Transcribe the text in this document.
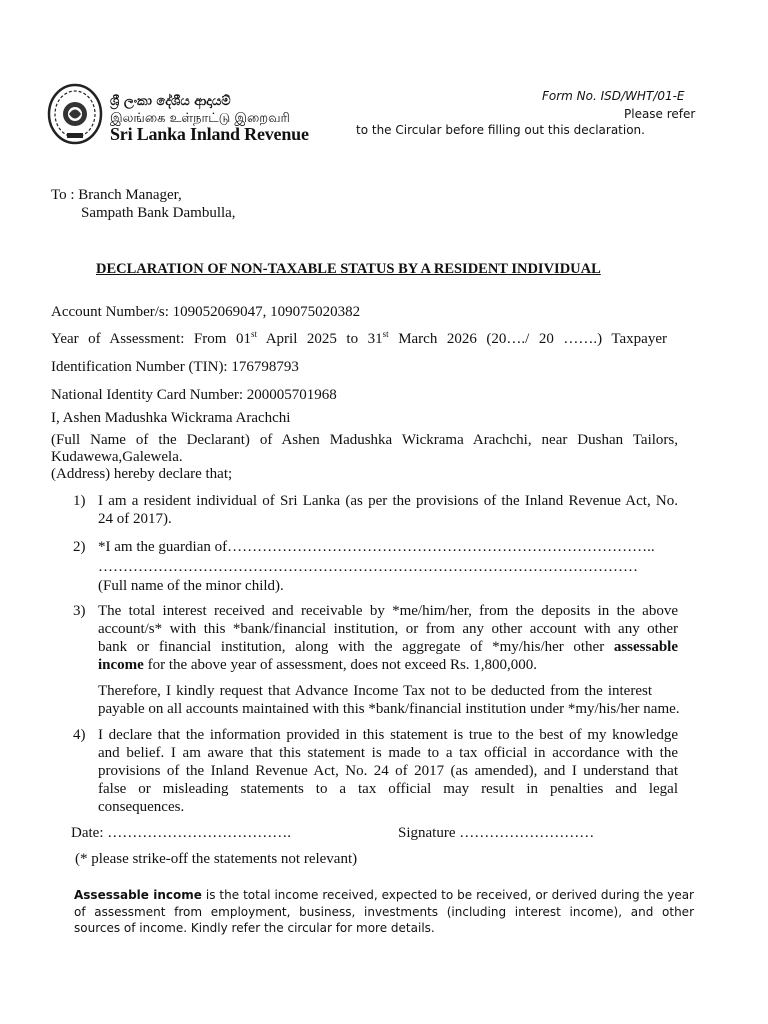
ශ්‍රී ලංකා දේශීය ආදායම්
இலங்கை உள்நாட்டு இறைவரி
Sri Lanka Inland Revenue
Form No. ISD/WHT/01-E
Please refer
to the Circular before filling out this declaration.
To : Branch Manager,
Sampath Bank Dambulla,
DECLARATION OF NON-TAXABLE STATUS BY A RESIDENT INDIVIDUAL
Account Number/s: 109052069047, 109075020382
Year of Assessment: From 01st April 2025 to 31st March 2026 (20…./ 20 …….) Taxpayer
Identification Number (TIN): 176798793
National Identity Card Number: 200005701968
I, Ashen Madushka Wickrama Arachchi
(Full Name of the Declarant) of Ashen Madushka Wickrama Arachchi, near Dushan Tailors,
Kudawewa,Galewela.
(Address) hereby declare that;
1) I am a resident individual of Sri Lanka (as per the provisions of the Inland Revenue Act, No.
24 of 2017).
2) *I am the guardian of…………………………………………………………………………..
………………………………………………………………………………………………
(Full name of the minor child).
3) The total interest received and receivable by *me/him/her, from the deposits in the above
account/s* with this *bank/financial institution, or from any other account with any other
bank or financial institution, along with the aggregate of *my/his/her other assessable
income for the above year of assessment, does not exceed Rs. 1,800,000.
Therefore, I kindly request that Advance Income Tax not to be deducted from the interest
payable on all accounts maintained with this *bank/financial institution under *my/his/her name.
4) I declare that the information provided in this statement is true to the best of my knowledge
and belief. I am aware that this statement is made to a tax official in accordance with the
provisions of the Inland Revenue Act, No. 24 of 2017 (as amended), and I understand that
false or misleading statements to a tax official may result in penalties and legal
consequences.
Date: ……………………………….	Signature ………………………
(* please strike-off the statements not relevant)
Assessable income is the total income received, expected to be received, or derived during the year of assessment from employment, business, investments (including interest income), and other sources of income. Kindly refer the circular for more details.
